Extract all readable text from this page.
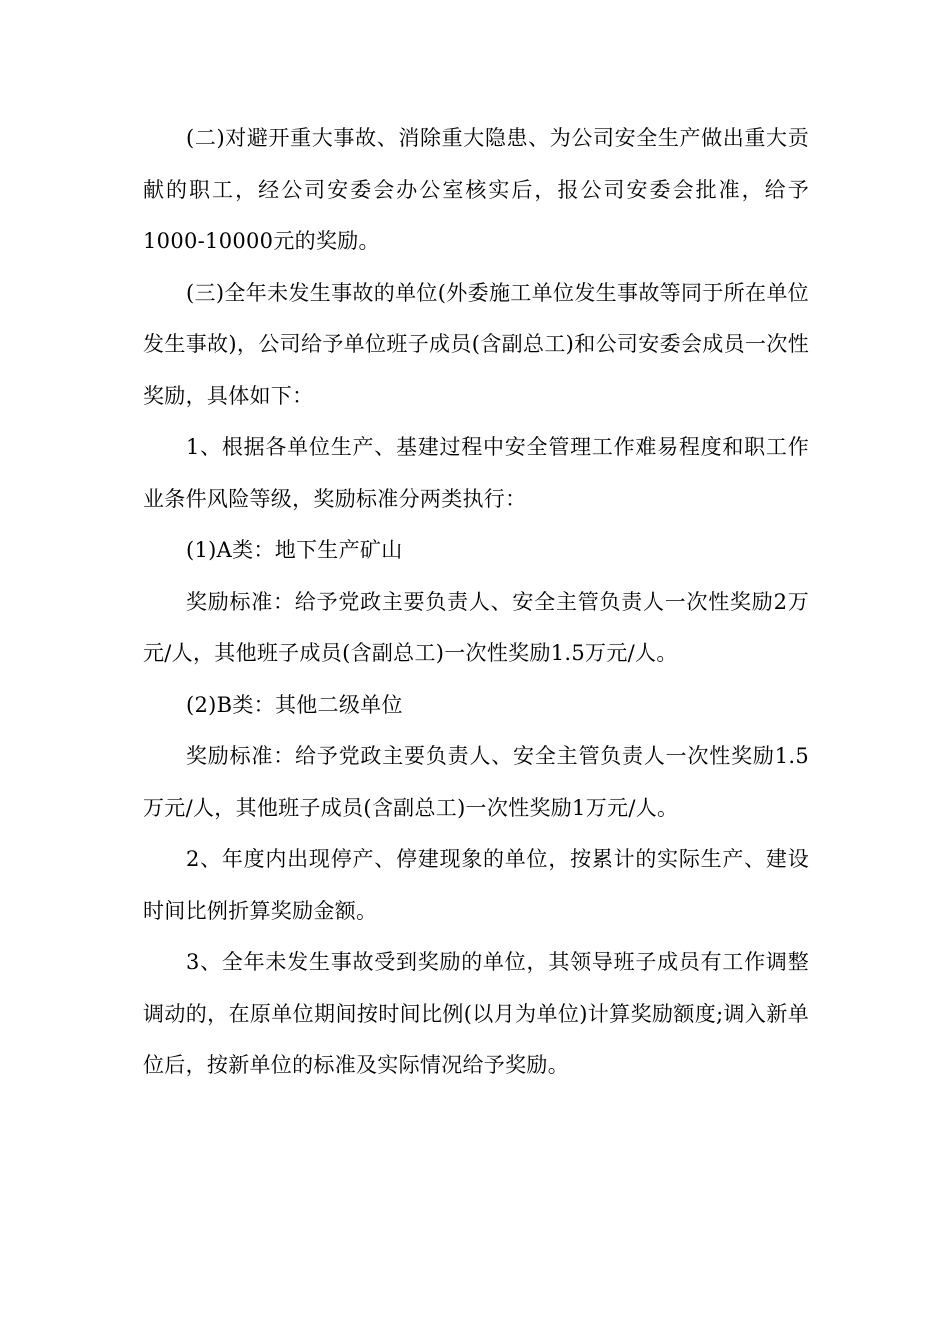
(二)对避开重大事故、消除重大隐患、为公司安全生产做出重大贡献的职工，经公司安委会办公室核实后，报公司安委会批准，给予1000-10000元的奖励。

(三)全年未发生事故的单位(外委施工单位发生事故等同于所在单位发生事故)，公司给予单位班子成员(含副总工)和公司安委会成员一次性奖励，具体如下：

1、根据各单位生产、基建过程中安全管理工作难易程度和职工作业条件风险等级，奖励标准分两类执行：

(1)A类：地下生产矿山

奖励标准：给予党政主要负责人、安全主管负责人一次性奖励2万元/人，其他班子成员(含副总工)一次性奖励1.5万元/人。

(2)B类：其他二级单位

奖励标准：给予党政主要负责人、安全主管负责人一次性奖励1.5万元/人，其他班子成员(含副总工)一次性奖励1万元/人。

2、年度内出现停产、停建现象的单位，按累计的实际生产、建设时间比例折算奖励金额。

3、全年未发生事故受到奖励的单位，其领导班子成员有工作调整调动的，在原单位期间按时间比例(以月为单位)计算奖励额度;调入新单位后，按新单位的标准及实际情况给予奖励。
